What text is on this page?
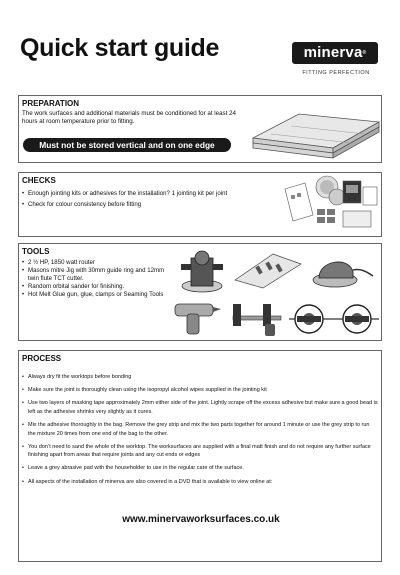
Quick start guide	minerva®
FITTING PERFECTION
PREPARATION
The work surfaces and additional materials must be conditioned for at least 24 hours at room temperature prior to fitting.
Must not be stored vertical and on one edge
CHECKS
• Enough jointing kits or adhesives for the installation? 1 jointing kit per joint
• Check for colour consistency before fitting
TOOLS
• 2 ½ HP, 1850 watt router
• Masons mitre Jig with 30mm guide ring and 12mm twin flute TCT cutter.
• Random orbital sander for finishing.
• Hot Melt Glue gun, glue, clamps or Seaming Tools
PROCESS
• Always dry fit the worktops before bonding
• Make sure the joint is thoroughly clean using the isopropyl alcohol wipes supplied in the jointing kit
• Use two layers of masking tape approximately 2mm either side of the joint. Lightly scrape off the excess adhesive but make sure a good bead is left as the adhesive shrinks very slightly as it cures.
• Mix the adhesive thoroughly in the bag. Remove the grey strip and mix the two parts together for around 1 minute or use the grey strip to run the mixture 20 times from one end of the bag to the other.
• You don’t need to sand the whole of the worktop. The worksurfaces are supplied with a final matt finish and do not require any further surface finishing apart from areas that require joints and any cut ends or edges
• Leave a grey abrasive pad with the householder to use in the regular care of the surface.
• All aspects of the installation of minerva are also covered in a DVD that is available to view online at:
www.minervaworksurfaces.co.uk
